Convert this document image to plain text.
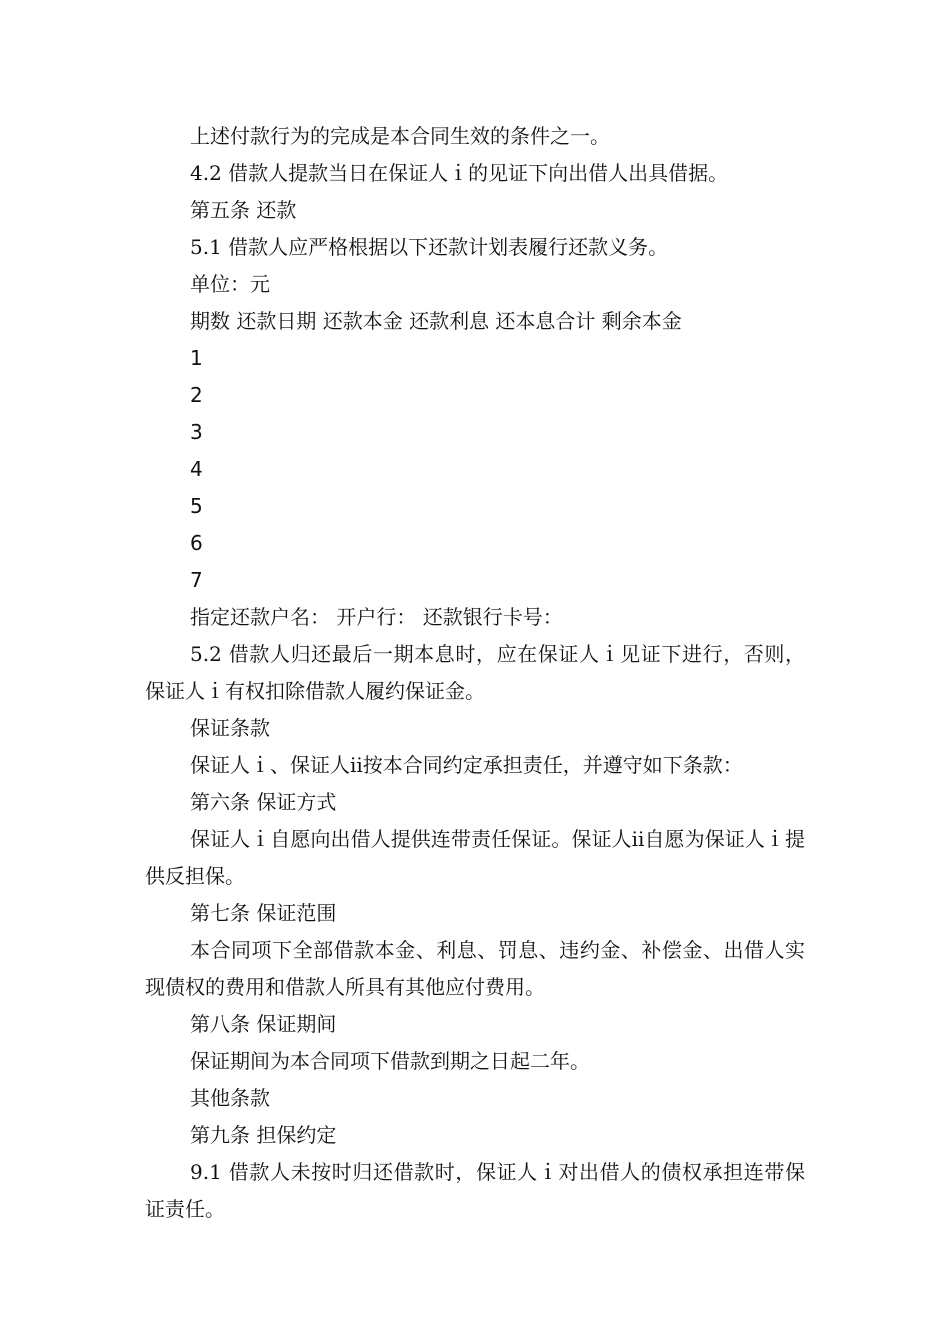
上述付款行为的完成是本合同生效的条件之一。

4.2 借款人提款当日在保证人ｉ的见证下向出借人出具借据。

第五条 还款

5.1 借款人应严格根据以下还款计划表履行还款义务。

单位：元

期数 还款日期 还款本金 还款利息 还本息合计 剩余本金

1

2

3

4

5

6

7

指定还款户名： 开户行： 还款银行卡号：

5.2 借款人归还最后一期本息时，应在保证人ｉ见证下进行，否则，保证人ｉ有权扣除借款人履约保证金。

保证条款

保证人ｉ、保证人ⅱ按本合同约定承担责任，并遵守如下条款：

第六条 保证方式

保证人ｉ自愿向出借人提供连带责任保证。保证人ⅱ自愿为保证人ｉ提供反担保。

第七条 保证范围

本合同项下全部借款本金、利息、罚息、违约金、补偿金、出借人实现债权的费用和借款人所具有其他应付费用。

第八条 保证期间

保证期间为本合同项下借款到期之日起二年。

其他条款

第九条 担保约定

9.1 借款人未按时归还借款时，保证人ｉ对出借人的债权承担连带保证责任。
